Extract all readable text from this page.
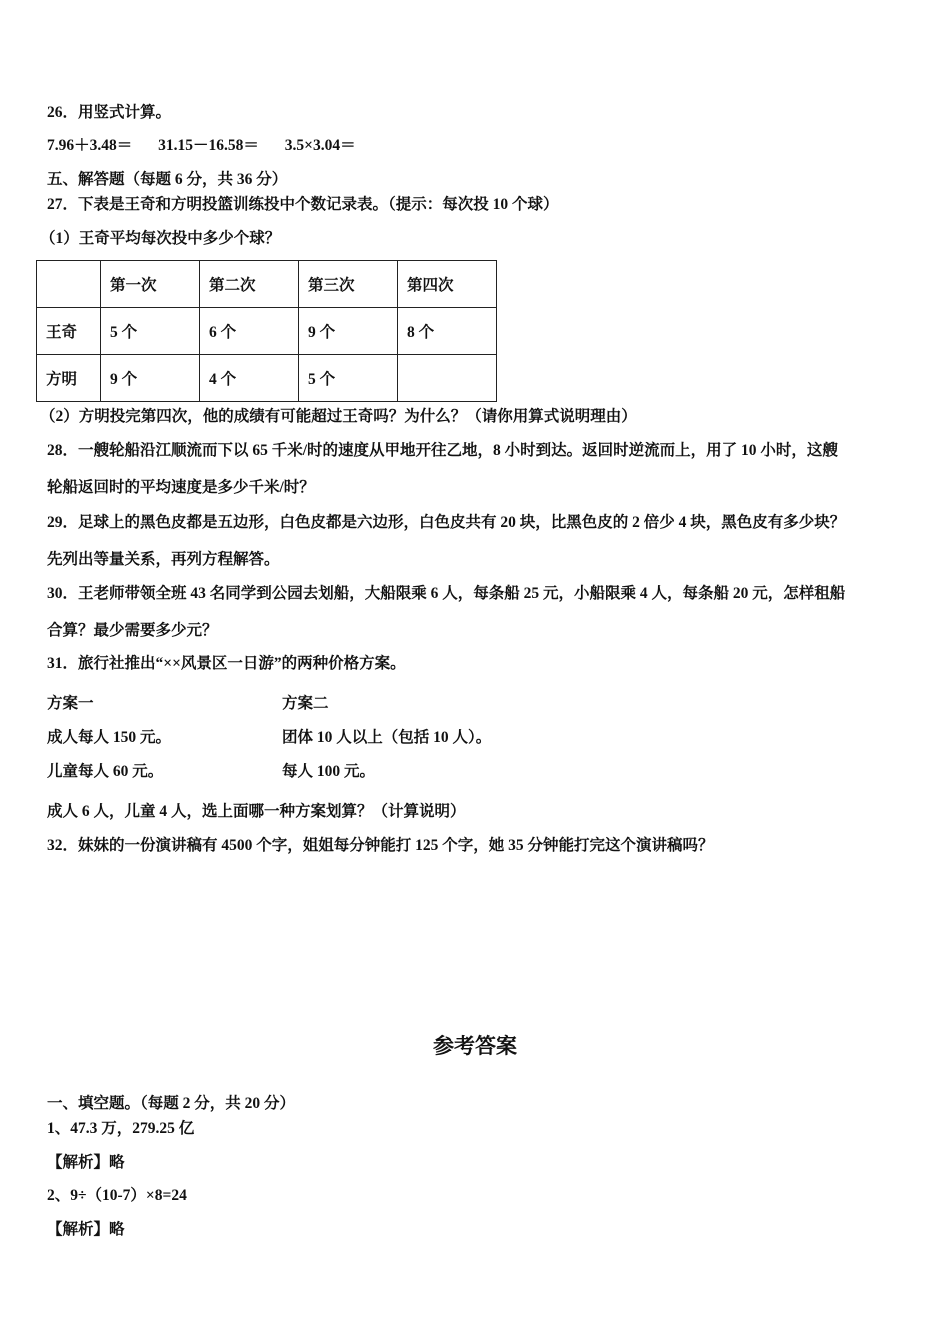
26．用竖式计算。
7.96＋3.48＝ 31.15－16.58＝ 3.5×3.04＝
五、解答题（每题 6 分，共 36 分）
27．下表是王奇和方明投篮训练投中个数记录表。（提示：每次投 10 个球）
（1）王奇平均每次投中多少个球？
	第一次	第二次	第三次	第四次
王奇	5 个	6 个	9 个	8 个
方明	9 个	4 个	5 个	
（2）方明投完第四次，他的成绩有可能超过王奇吗？为什么？（请你用算式说明理由）
28．一艘轮船沿江顺流而下以 65 千米/时的速度从甲地开往乙地，8 小时到达。返回时逆流而上，用了 10 小时，这艘
轮船返回时的平均速度是多少千米/时？
29．足球上的黑色皮都是五边形，白色皮都是六边形，白色皮共有 20 块，比黑色皮的 2 倍少 4 块，黑色皮有多少块？
先列出等量关系，再列方程解答。
30．王老师带领全班 43 名同学到公园去划船，大船限乘 6 人，每条船 25 元，小船限乘 4 人，每条船 20 元，怎样租船
合算？最少需要多少元？
31．旅行社推出“××风景区一日游”的两种价格方案。
方案一	方案二
成人每人 150 元。	团体 10 人以上（包括 10 人）。
儿童每人 60 元。	每人 100 元。
成人 6 人，儿童 4 人，选上面哪一种方案划算？（计算说明）
32．妹妹的一份演讲稿有 4500 个字，姐姐每分钟能打 125 个字，她 35 分钟能打完这个演讲稿吗？
参考答案
一、填空题。（每题 2 分，共 20 分）
1、47.3 万，279.25 亿
【解析】略
2、9÷（10-7）×8=24
【解析】略
